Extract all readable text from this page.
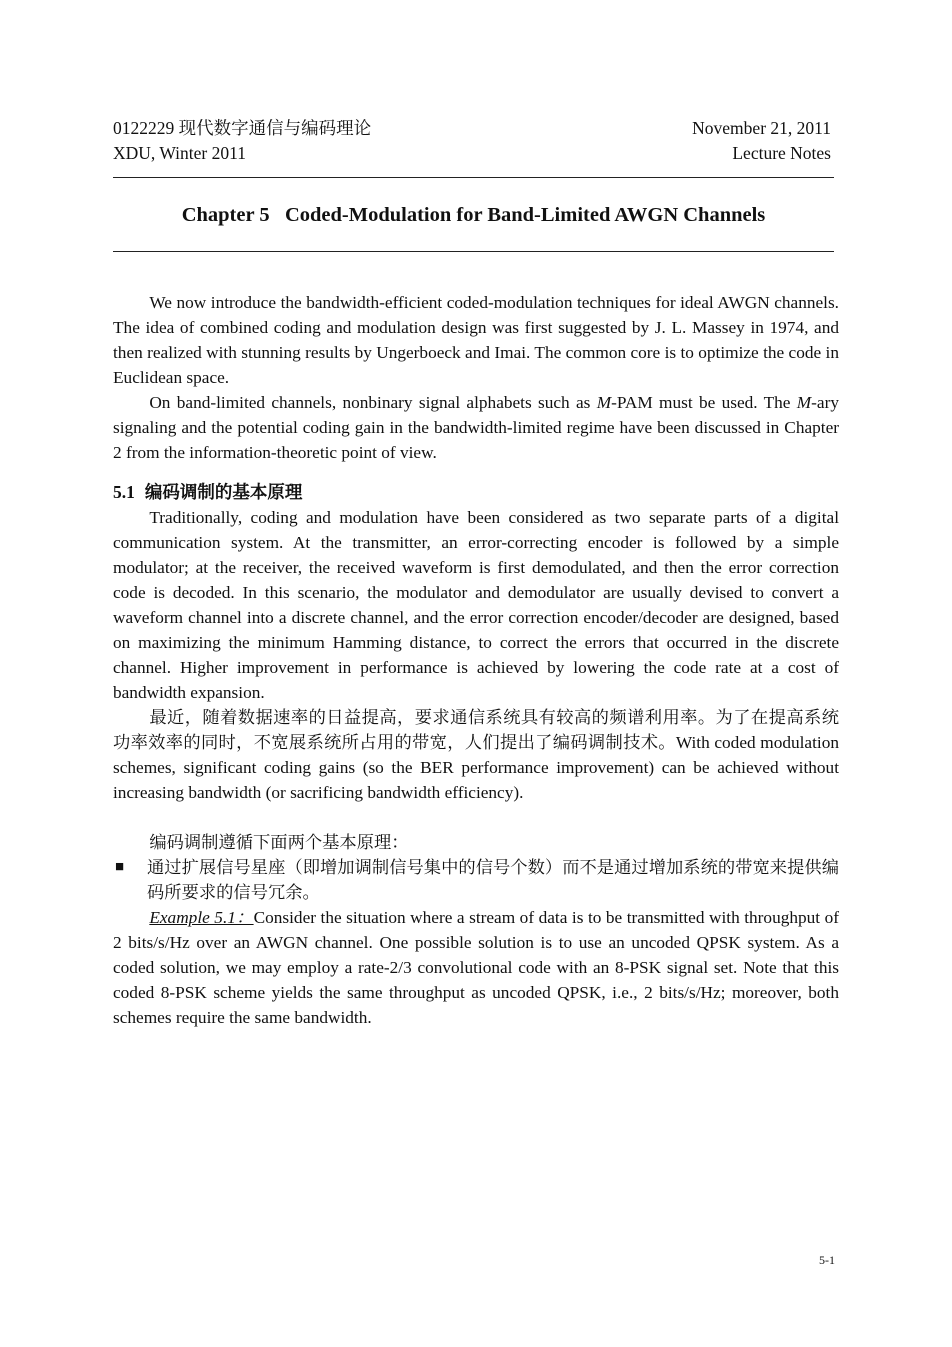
0122229 现代数字通信与编码理论	November 21, 2011
XDU, Winter 2011	Lecture Notes
Chapter 5   Coded-Modulation for Band-Limited AWGN Channels

We now introduce the bandwidth-efficient coded-modulation techniques for ideal AWGN channels. The idea of combined coding and modulation design was first suggested by J. L. Massey in 1974, and then realized with stunning results by Ungerboeck and Imai. The common core is to optimize the code in Euclidean space.

On band-limited channels, nonbinary signal alphabets such as M-PAM must be used. The M-ary signaling and the potential coding gain in the bandwidth-limited regime have been discussed in Chapter 2 from the information-theoretic point of view.

5.1 编码调制的基本原理

Traditionally, coding and modulation have been considered as two separate parts of a digital communication system. At the transmitter, an error-correcting encoder is followed by a simple modulator; at the receiver, the received waveform is first demodulated, and then the error correction code is decoded. In this scenario, the modulator and demodulator are usually devised to convert a waveform channel into a discrete channel, and the error correction encoder/decoder are designed, based on maximizing the minimum Hamming distance, to correct the errors that occurred in the discrete channel. Higher improvement in performance is achieved by lowering the code rate at a cost of bandwidth expansion.

最近，随着数据速率的日益提高，要求通信系统具有较高的频谱利用率。为了在提高系统功率效率的同时，不宽展系统所占用的带宽，人们提出了编码调制技术。With coded modulation schemes, significant coding gains (so the BER performance improvement) can be achieved without increasing bandwidth (or sacrificing bandwidth efficiency).

编码调制遵循下面两个基本原理：

■ 通过扩展信号星座（即增加调制信号集中的信号个数）而不是通过增加系统的带宽来提供编码所要求的信号冗余。

Example 5.1：Consider the situation where a stream of data is to be transmitted with throughput of 2 bits/s/Hz over an AWGN channel. One possible solution is to use an uncoded QPSK system. As a coded solution, we may employ a rate-2/3 convolutional code with an 8-PSK signal set. Note that this coded 8-PSK scheme yields the same throughput as uncoded QPSK, i.e., 2 bits/s/Hz; moreover, both schemes require the same bandwidth.

5-1
